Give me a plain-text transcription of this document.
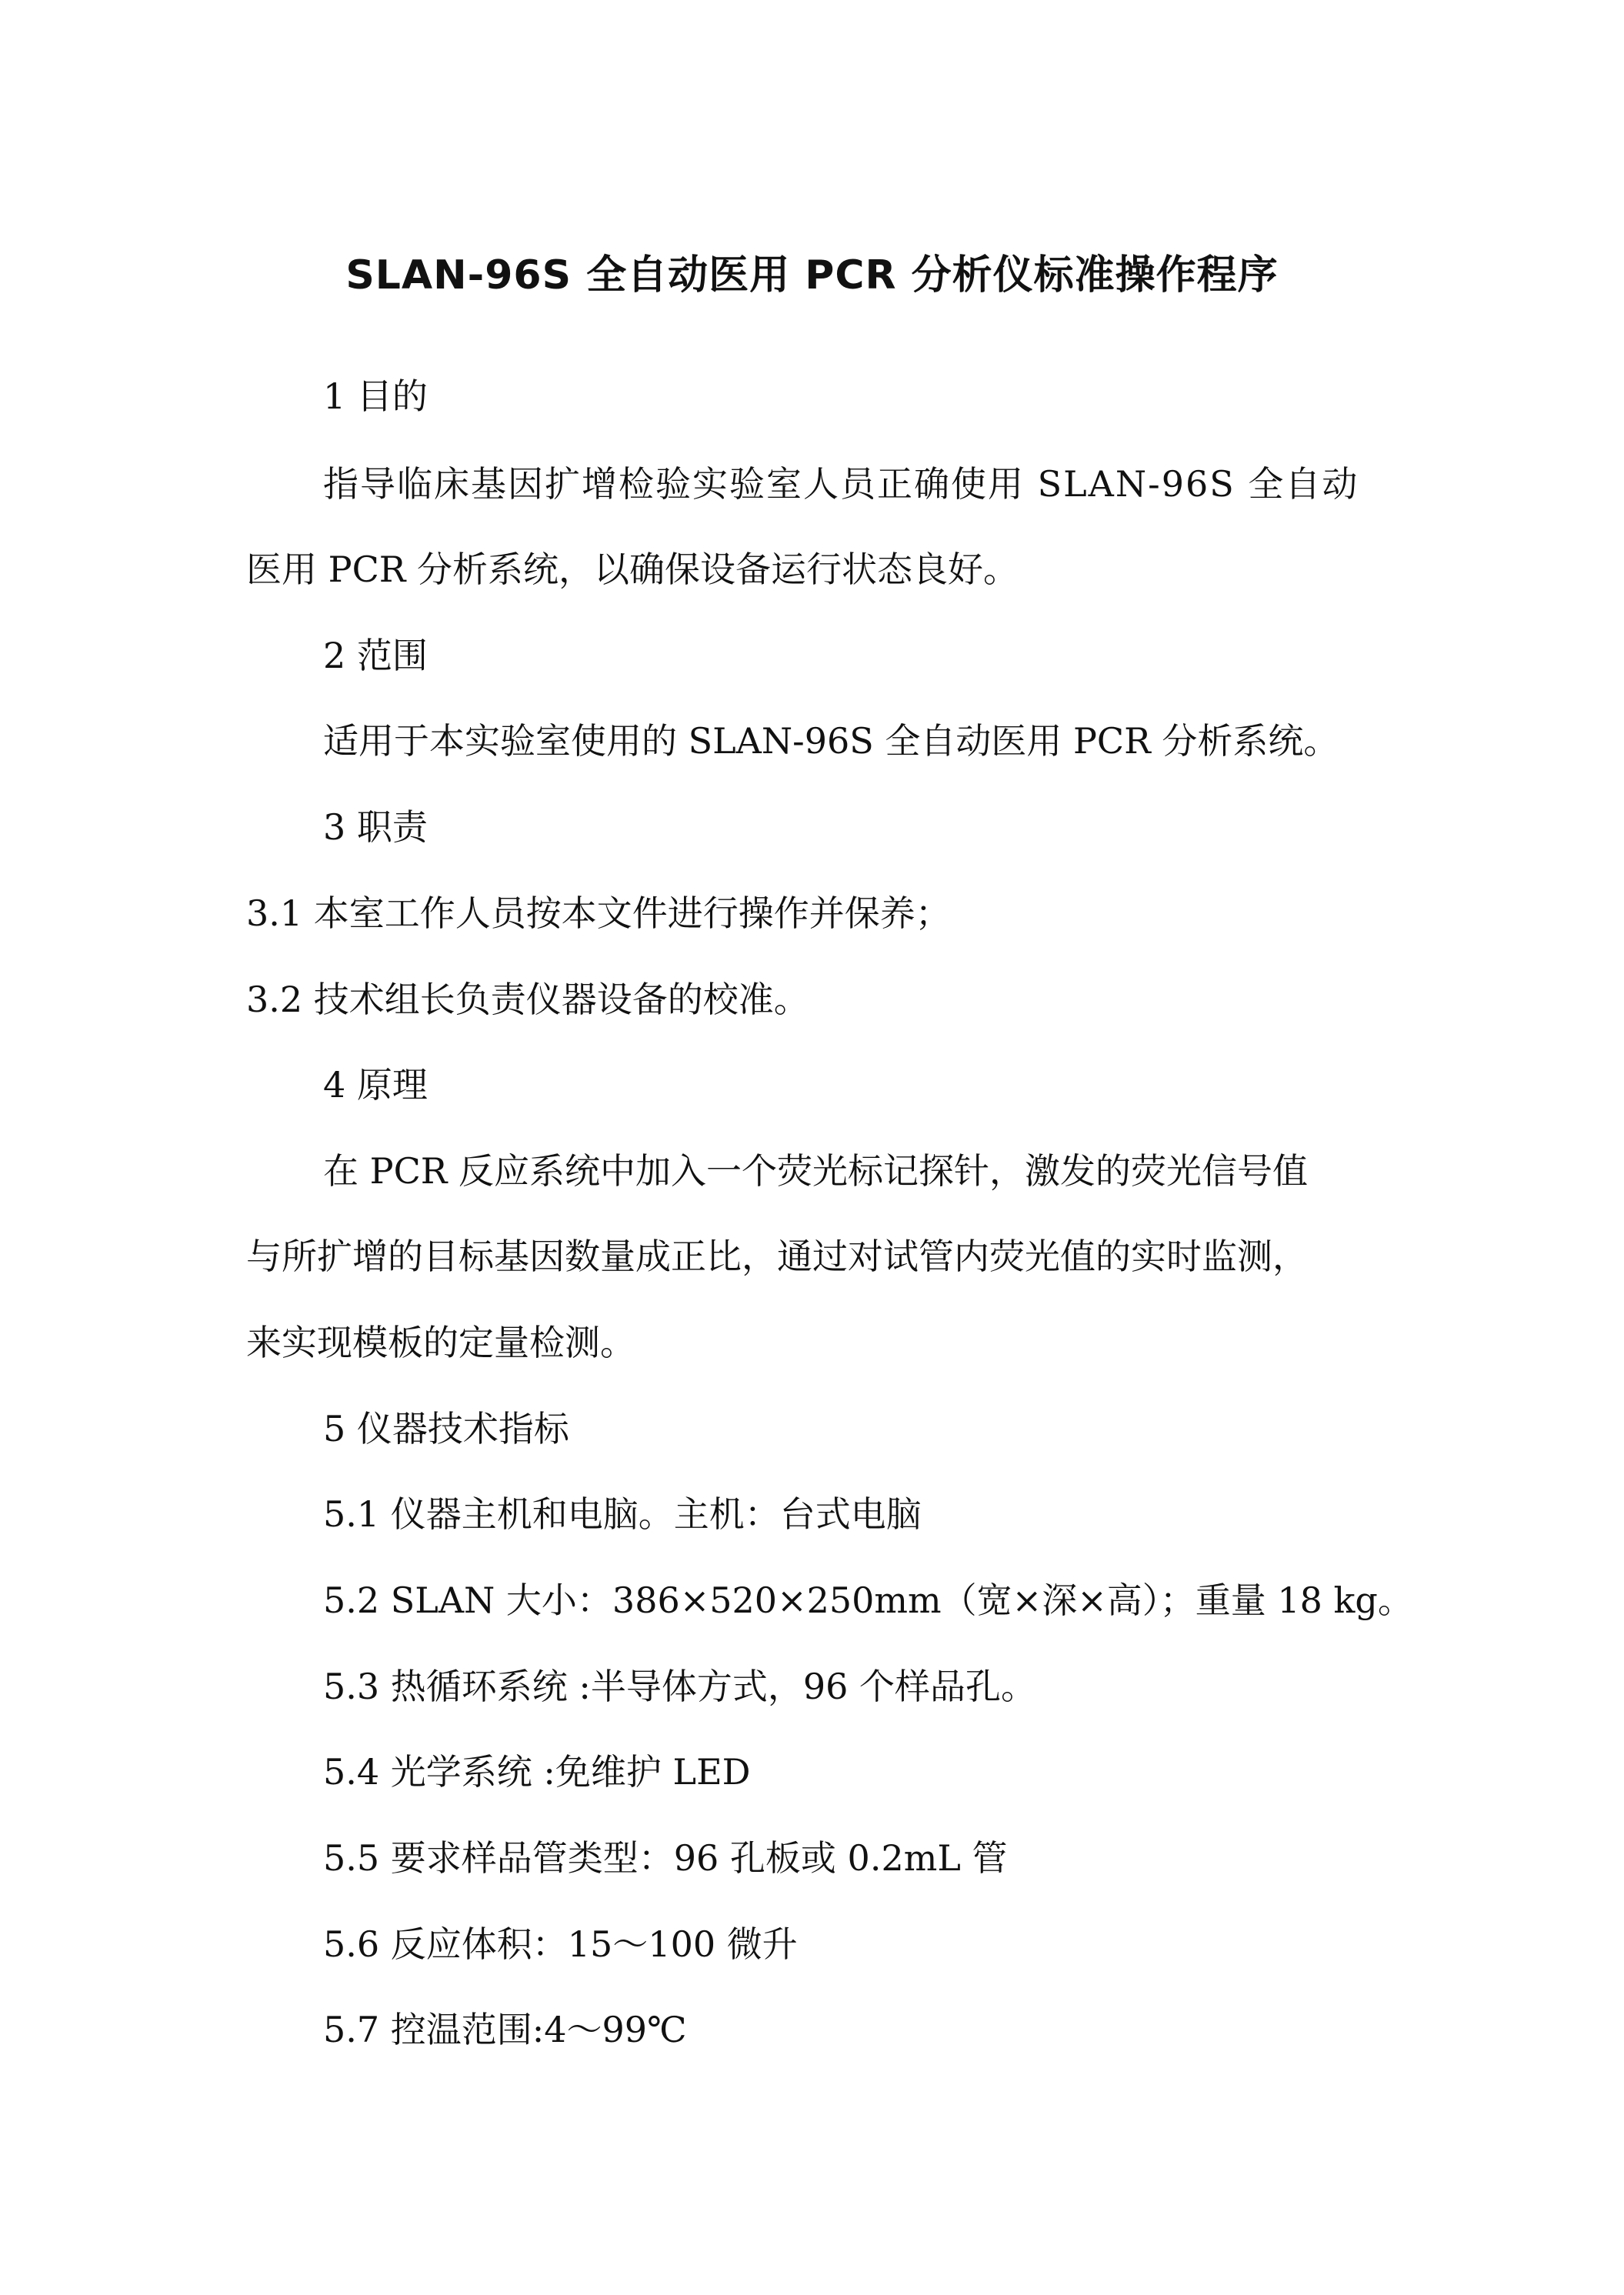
SLAN-96S 全自动医用 PCR 分析仪标准操作程序
1 目的
指导临床基因扩增检验实验室人员正确使用 SLAN-96S 全自动
医用 PCR 分析系统，以确保设备运行状态良好。
2 范围
适用于本实验室使用的 SLAN-96S 全自动医用 PCR 分析系统。
3 职责
3.1 本室工作人员按本文件进行操作并保养；
3.2 技术组长负责仪器设备的校准。
4 原理
在 PCR 反应系统中加入一个荧光标记探针，激发的荧光信号值
与所扩增的目标基因数量成正比，通过对试管内荧光值的实时监测，
来实现模板的定量检测。
5 仪器技术指标
5.1 仪器主机和电脑。主机：台式电脑
5.2 SLAN 大小：386×520×250mm（宽×深×高）；重量 18 kg。
5.3 热循环系统 :半导体方式，96 个样品孔。
5.4 光学系统 :免维护 LED
5.5 要求样品管类型：96 孔板或 0.2mL 管
5.6 反应体积：15～100 微升
5.7 控温范围:4～99℃
